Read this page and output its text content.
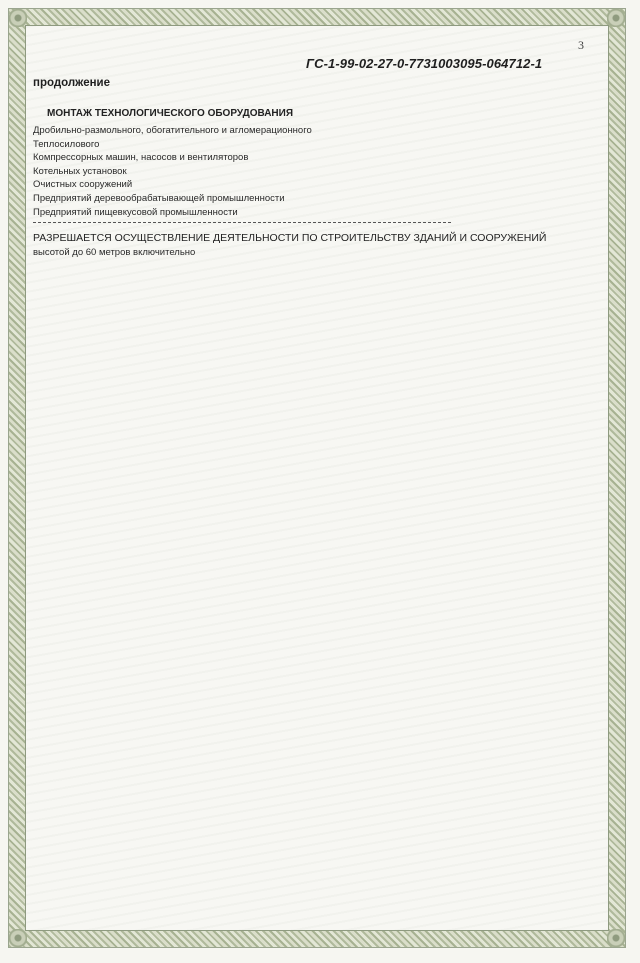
3
ГС-1-99-02-27-0-7731003095-064712-1
продолжение
МОНТАЖ ТЕХНОЛОГИЧЕСКОГО ОБОРУДОВАНИЯ
Дробильно-размольного, обогатительного и агломерационного
Теплосилового
Компрессорных машин, насосов и вентиляторов
Котельных установок
Очистных сооружений
Предприятий деревообрабатывающей промышленности
Предприятий пищевкусовой промышленности
РАЗРЕШАЕТСЯ ОСУЩЕСТВЛЕНИЕ ДЕЯТЕЛЬНОСТИ ПО СТРОИТЕЛЬСТВУ ЗДАНИЙ И СООРУЖЕНИЙ
высотой до 60 метров включительно
